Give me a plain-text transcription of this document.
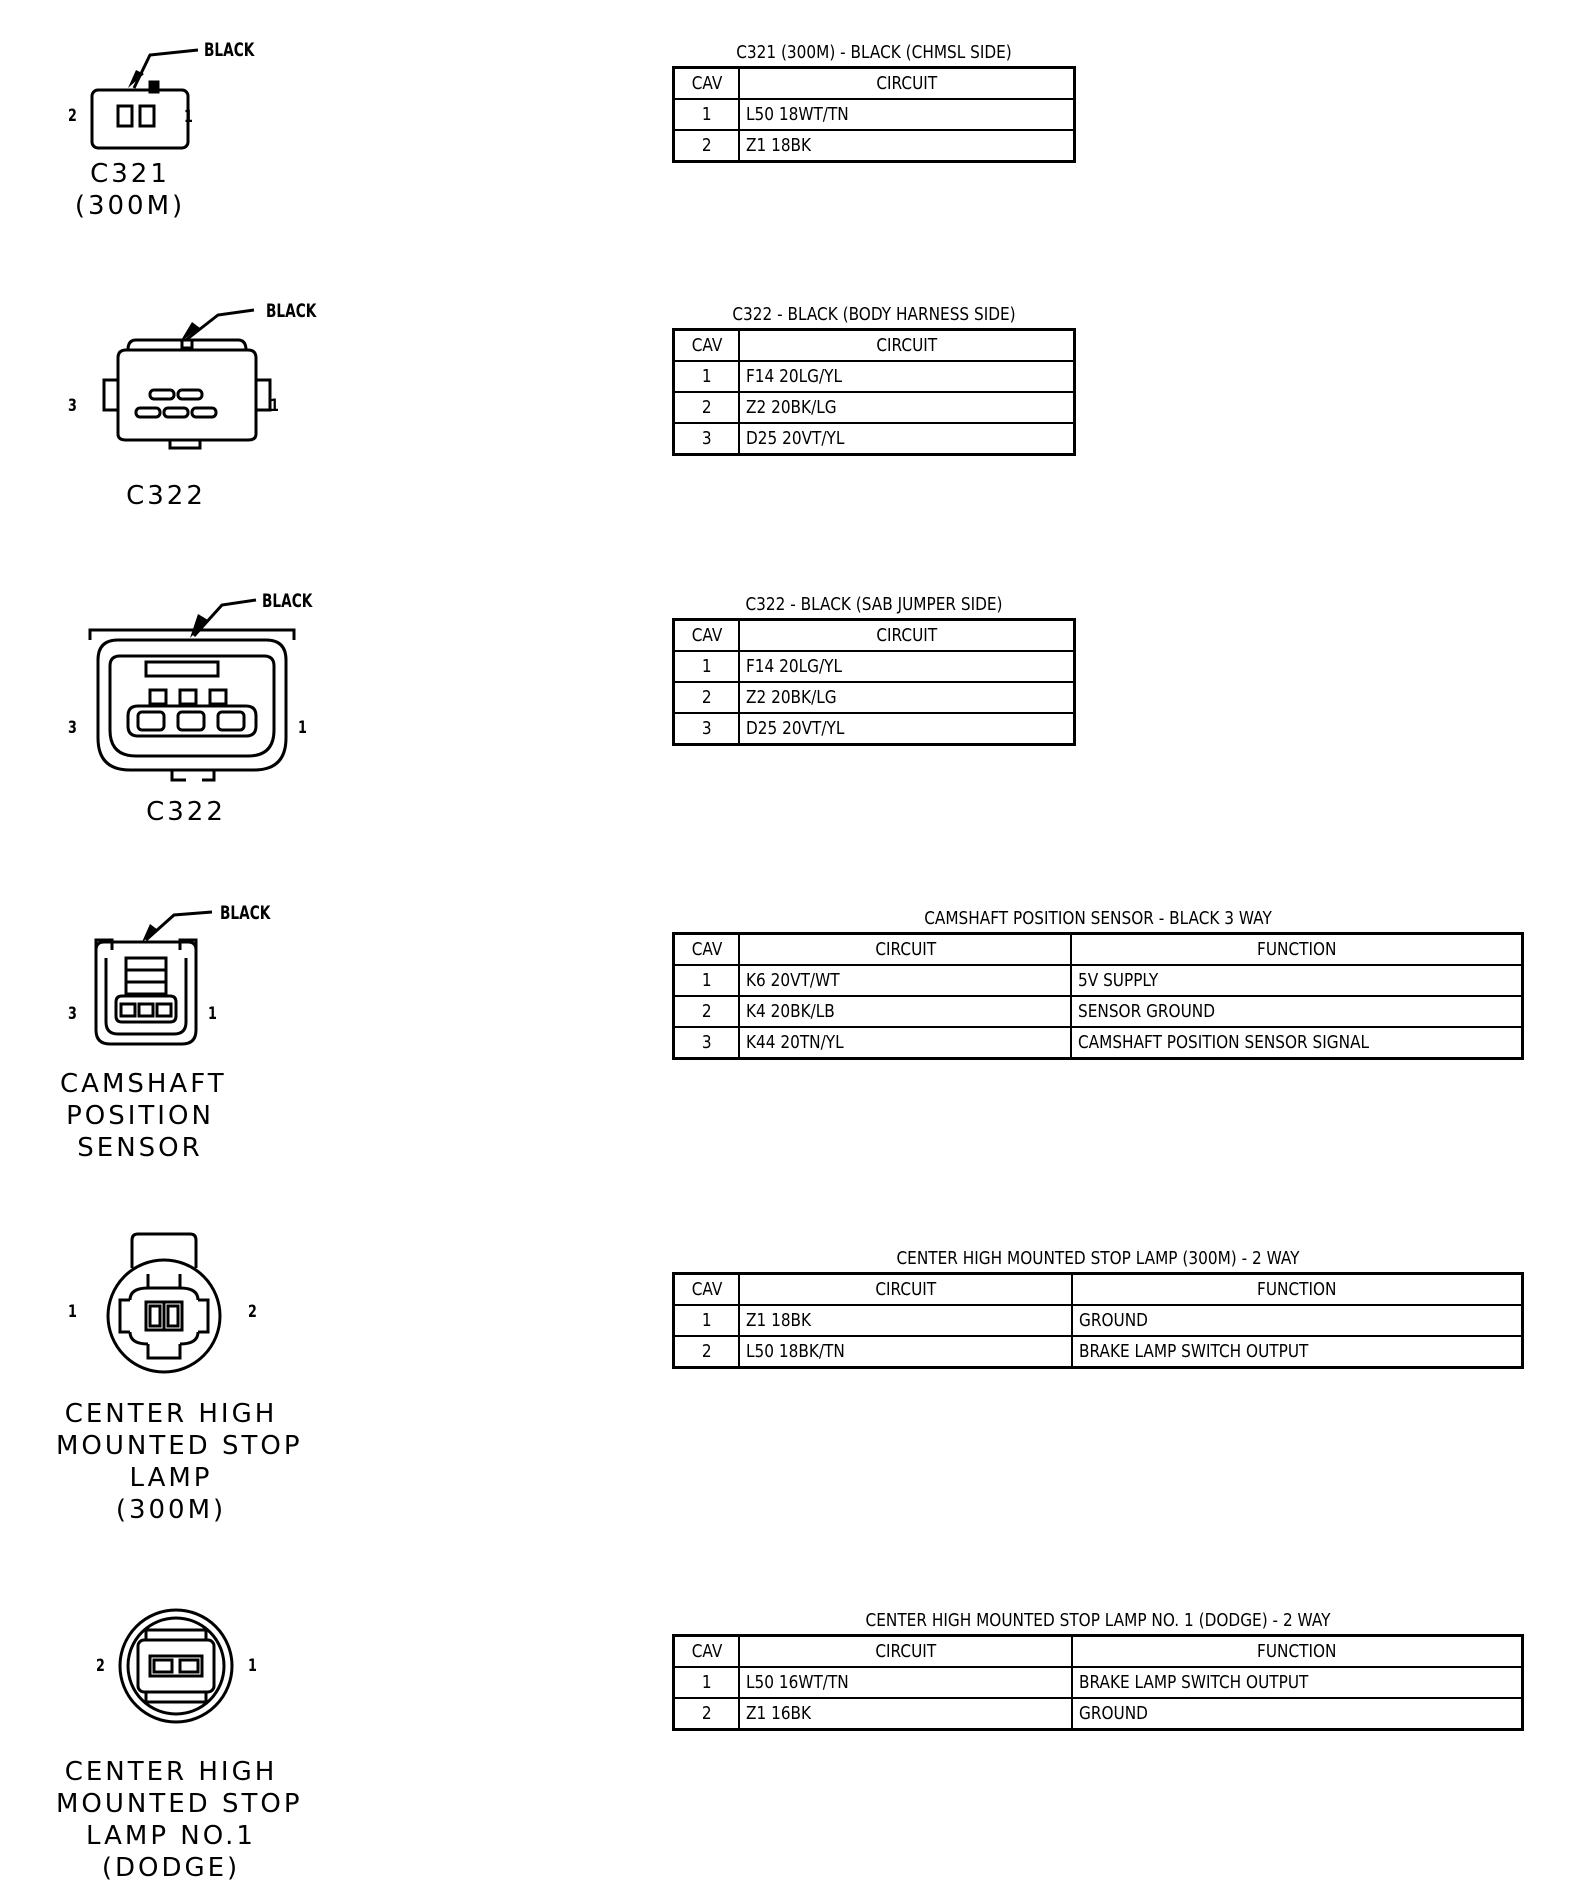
BLACK
2	1
C321
(300M)
C321 (300M) - BLACK (CHMSL SIDE)
CAV	CIRCUIT
1	L50 18WT/TN
2	Z1 18BK
BLACK
3	1
C322
C322 - BLACK (BODY HARNESS SIDE)
CAV	CIRCUIT
1	F14 20LG/YL
2	Z2 20BK/LG
3	D25 20VT/YL
BLACK
3	1
C322
C322 - BLACK (SAB JUMPER SIDE)
CAV	CIRCUIT
1	F14 20LG/YL
2	Z2 20BK/LG
3	D25 20VT/YL
BLACK
3	1
CAMSHAFT
POSITION
SENSOR
CAMSHAFT POSITION SENSOR - BLACK 3 WAY
CAV	CIRCUIT	FUNCTION
1	K6 20VT/WT	5V SUPPLY
2	K4 20BK/LB	SENSOR GROUND
3	K44 20TN/YL	CAMSHAFT POSITION SENSOR SIGNAL
1	2
CENTER HIGH
MOUNTED STOP
LAMP
(300M)
CENTER HIGH MOUNTED STOP LAMP (300M) - 2 WAY
CAV	CIRCUIT	FUNCTION
1	Z1 18BK	GROUND
2	L50 18BK/TN	BRAKE LAMP SWITCH OUTPUT
2	1
CENTER HIGH
MOUNTED STOP
LAMP NO.1
(DODGE)
CENTER HIGH MOUNTED STOP LAMP NO. 1 (DODGE) - 2 WAY
CAV	CIRCUIT	FUNCTION
1	L50 16WT/TN	BRAKE LAMP SWITCH OUTPUT
2	Z1 16BK	GROUND
